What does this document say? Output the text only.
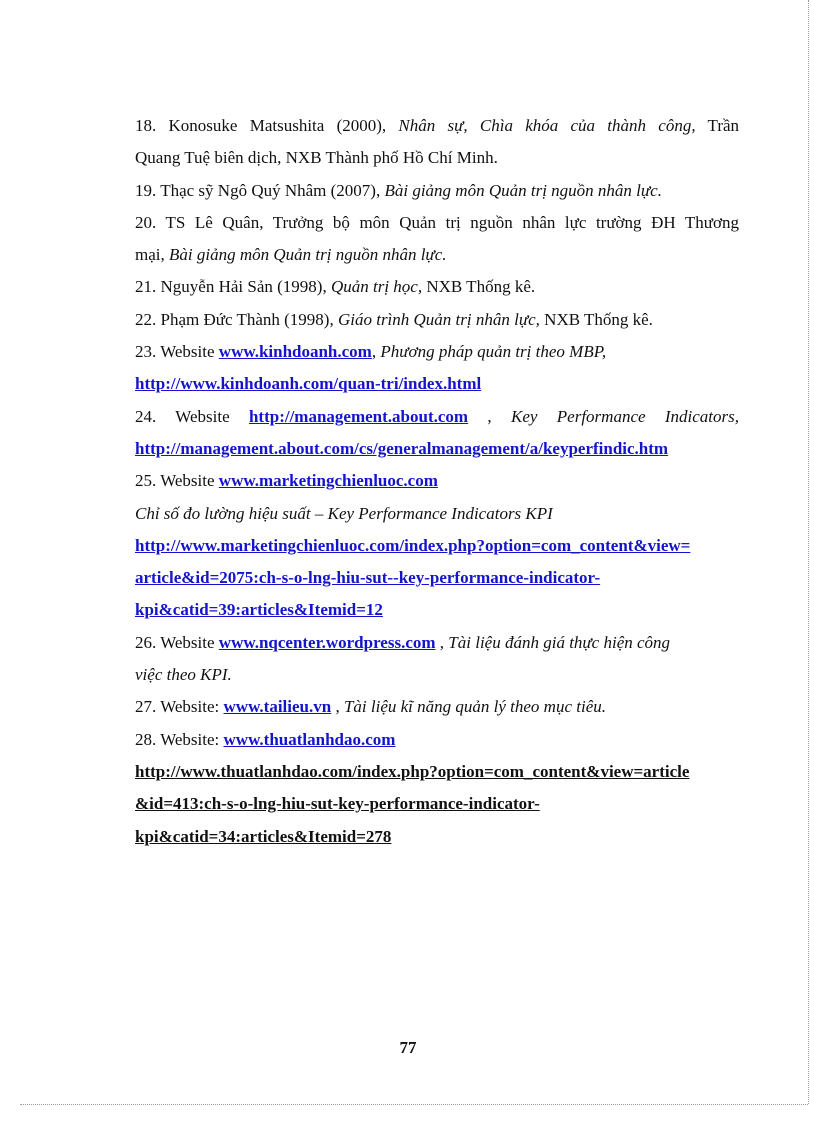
18. Konosuke Matsushita (2000), Nhân sự, Chìa khóa của thành công, Trần
Quang Tuệ biên dịch, NXB Thành phố Hồ Chí Minh.

19. Thạc sỹ Ngô Quý Nhâm (2007), Bài giảng môn Quản trị nguồn nhân lực.

20. TS Lê Quân, Trưởng bộ môn Quản trị nguồn nhân lực trường ĐH Thương
mại, Bài giảng môn Quản trị nguồn nhân lực.

21. Nguyễn Hải Sản (1998), Quản trị học, NXB Thống kê.

22. Phạm Đức Thành (1998), Giáo trình Quản trị nhân lực, NXB Thống kê.

23. Website www.kinhdoanh.com, Phương pháp quản trị theo MBP,
http://www.kinhdoanh.com/quan-tri/index.html

24. Website http://management.about.com , Key Performance Indicators,
http://management.about.com/cs/generalmanagement/a/keyperfindic.htm

25. Website www.marketingchienluoc.com
Chỉ số đo lường hiệu suất – Key Performance Indicators KPI
http://www.marketingchienluoc.com/index.php?option=com_content&view=
article&id=2075:ch-s-o-lng-hiu-sut--key-performance-indicator-
kpi&catid=39:articles&Itemid=12

26. Website www.nqcenter.wordpress.com , Tài liệu đánh giá thực hiện công
việc theo KPI.

27. Website: www.tailieu.vn , Tài liệu kĩ năng quản lý theo mục tiêu.

28. Website: www.thuatlanhdao.com
http://www.thuatlanhdao.com/index.php?option=com_content&view=article
&id=413:ch-s-o-lng-hiu-sut-key-performance-indicator-
kpi&catid=34:articles&Itemid=278

77
